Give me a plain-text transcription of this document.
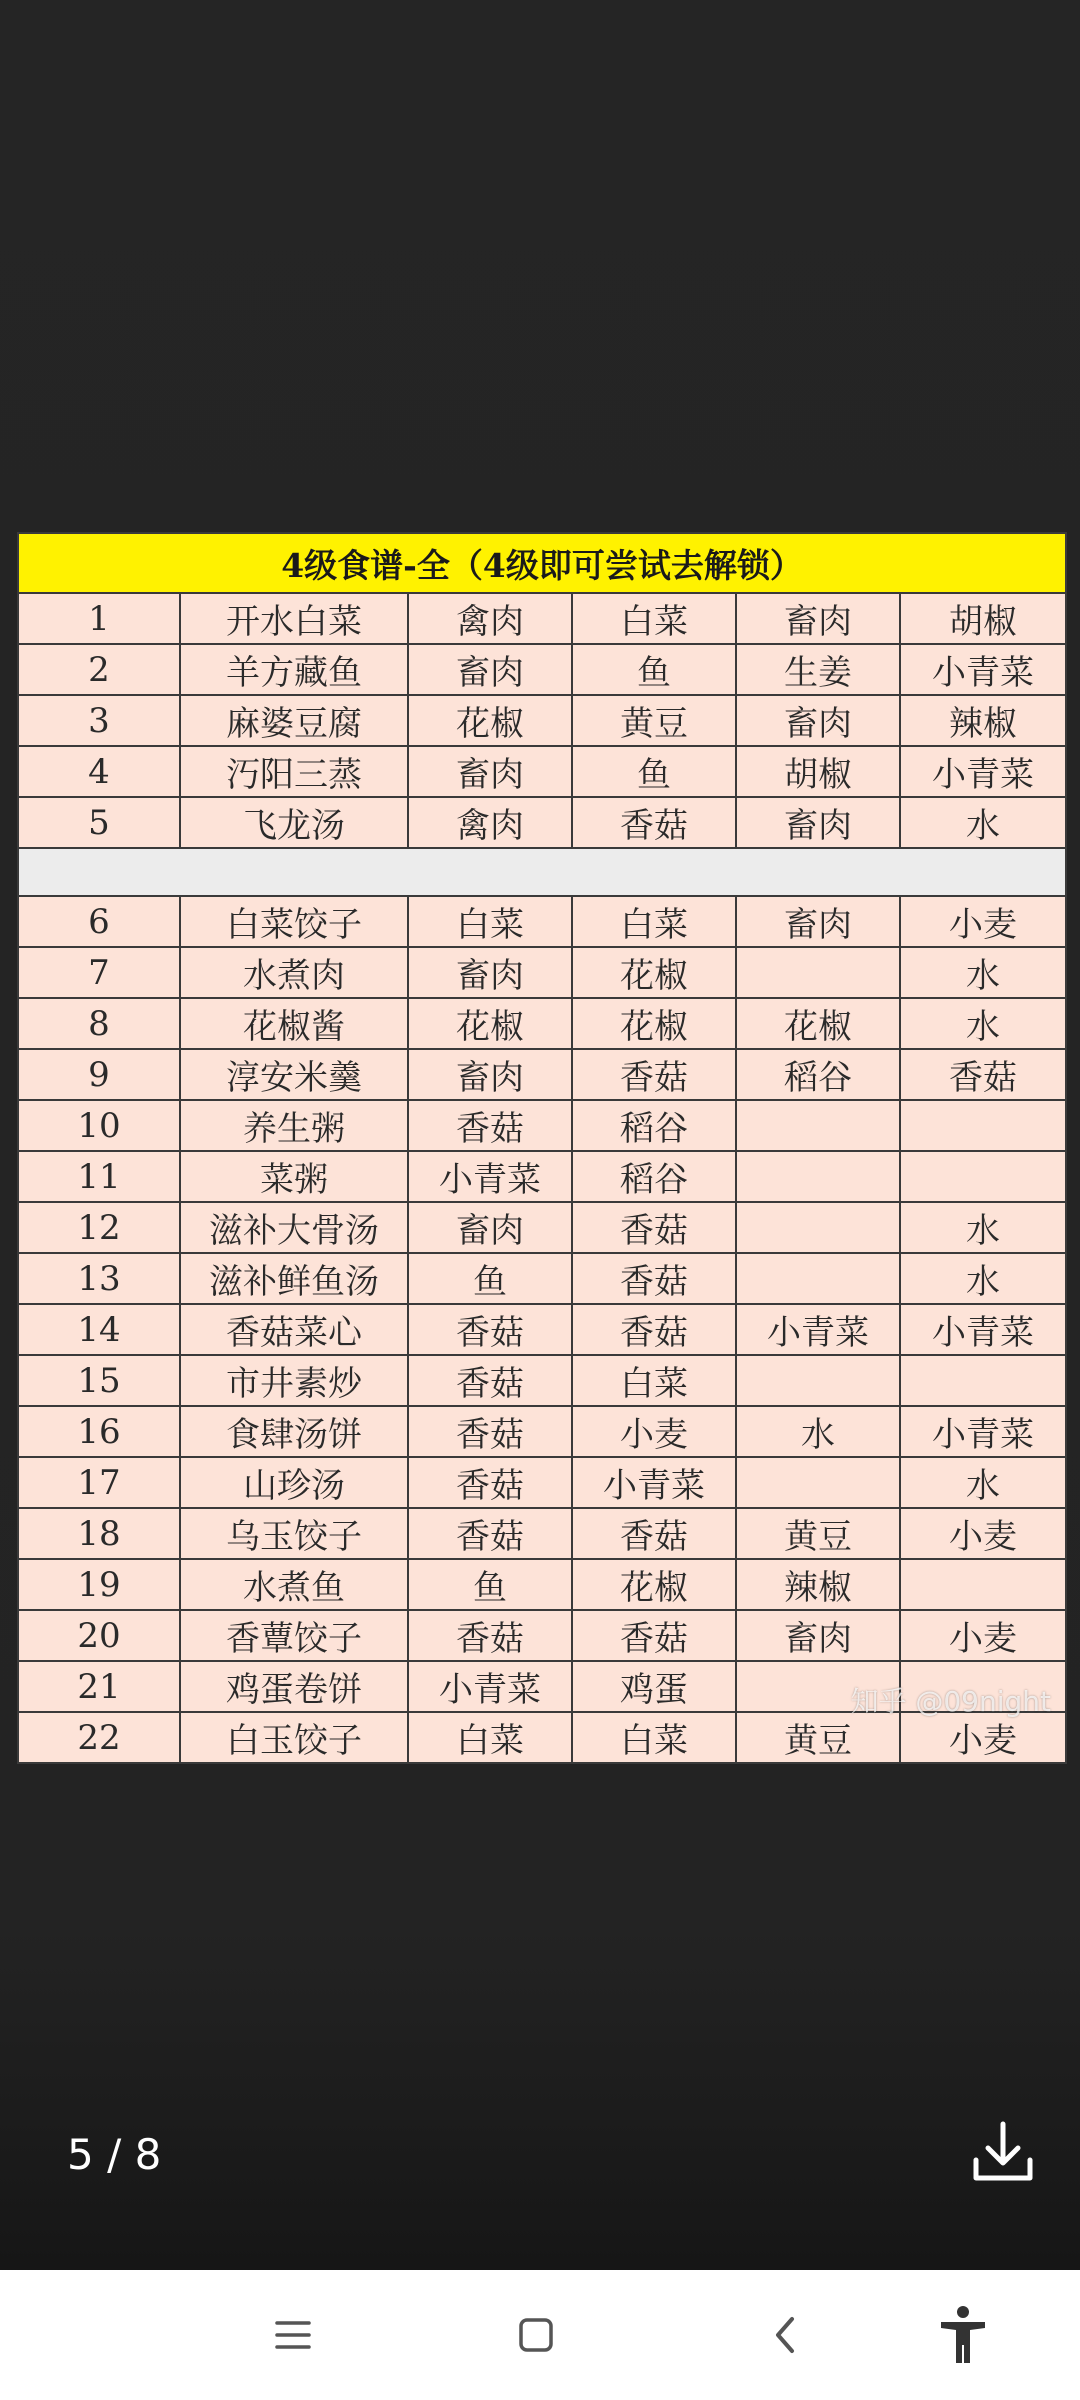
4级食谱-全（4级即可尝试去解锁）					
1	开水白菜	禽肉	白菜	畜肉	胡椒
2	羊方藏鱼	畜肉	鱼	生姜	小青菜
3	麻婆豆腐	花椒	黄豆	畜肉	辣椒
4	汅阳三蒸	畜肉	鱼	胡椒	小青菜
5	飞龙汤	禽肉	香菇	畜肉	水

6	白菜饺子	白菜	白菜	畜肉	小麦
7	水煮肉	畜肉	花椒		水
8	花椒酱	花椒	花椒	花椒	水
9	淳安米羹	畜肉	香菇	稻谷	香菇
10	养生粥	香菇	稻谷		
11	菜粥	小青菜	稻谷		
12	滋补大骨汤	畜肉	香菇		水
13	滋补鲜鱼汤	鱼	香菇		水
14	香菇菜心	香菇	香菇	小青菜	小青菜
15	市井素炒	香菇	白菜		
16	食肆汤饼	香菇	小麦	水	小青菜
17	山珍汤	香菇	小青菜		水
18	乌玉饺子	香菇	香菇	黄豆	小麦
19	水煮鱼	鱼	花椒	辣椒	
20	香蕈饺子	香菇	香菇	畜肉	小麦
21	鸡蛋卷饼	小青菜	鸡蛋		
22	白玉饺子	白菜	白菜	黄豆	小麦
知乎 @09night
5 / 8
